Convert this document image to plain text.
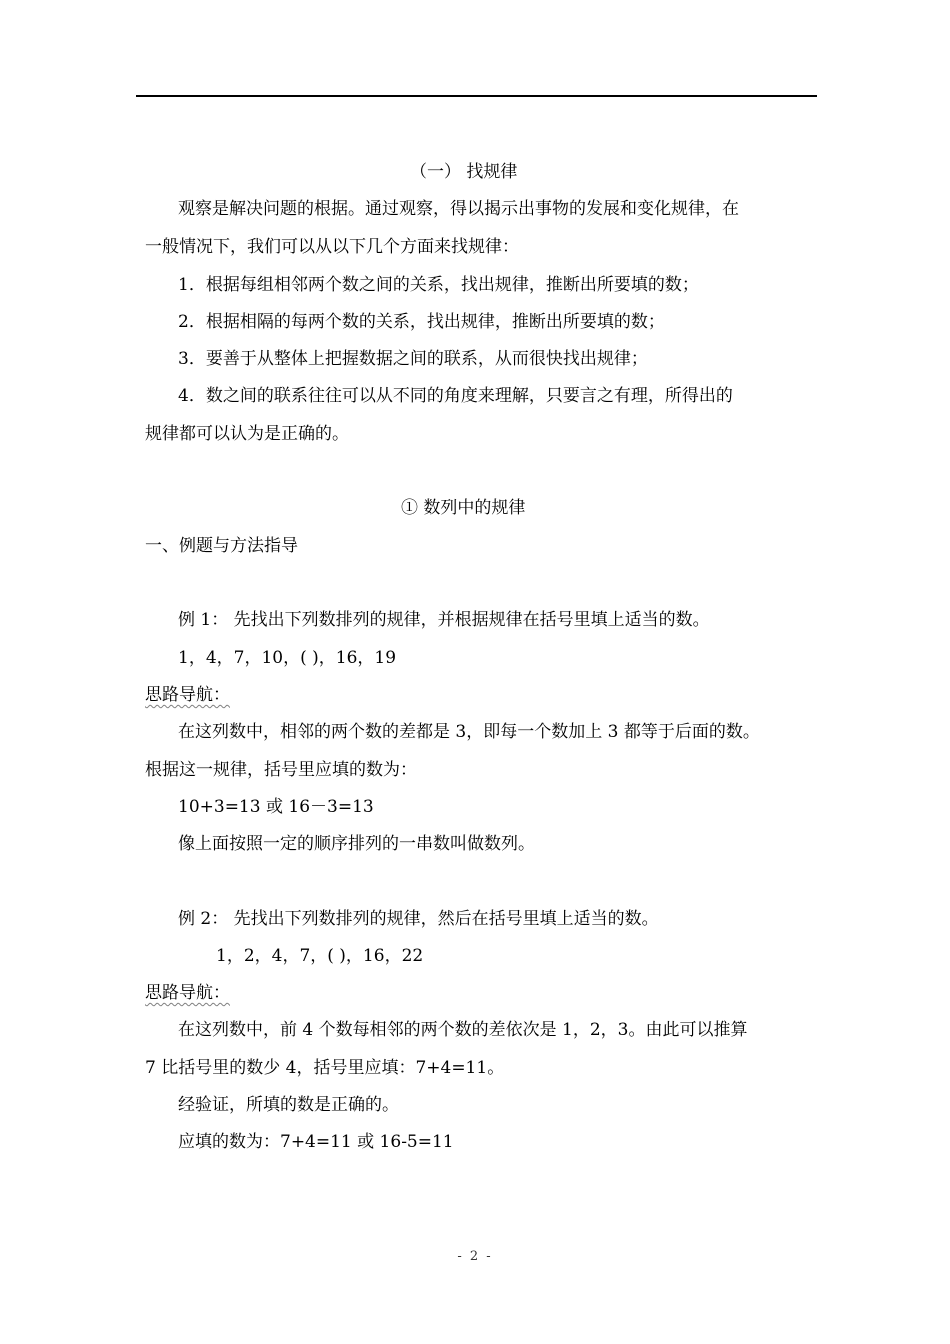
（一） 找规律
观察是解决问题的根据。通过观察，得以揭示出事物的发展和变化规律，在
一般情况下，我们可以从以下几个方面来找规律：
1．根据每组相邻两个数之间的关系，找出规律，推断出所要填的数；
2．根据相隔的每两个数的关系，找出规律，推断出所要填的数；
3．要善于从整体上把握数据之间的联系，从而很快找出规律；
4．数之间的联系往往可以从不同的角度来理解，只要言之有理，所得出的
规律都可以认为是正确的。
① 数列中的规律
一、例题与方法指导
例 1： 先找出下列数排列的规律，并根据规律在括号里填上适当的数。
1，4，7，10，( )，16，19
思路导航：
在这列数中，相邻的两个数的差都是 3，即每一个数加上 3 都等于后面的数。
根据这一规律，括号里应填的数为：
10+3=13 或 16－3=13
像上面按照一定的顺序排列的一串数叫做数列。
例 2： 先找出下列数排列的规律，然后在括号里填上适当的数。
1，2，4，7，( )，16，22
思路导航：
在这列数中，前 4 个数每相邻的两个数的差依次是 1，2，3。由此可以推算
7 比括号里的数少 4，括号里应填：7+4=11。
经验证，所填的数是正确的。
应填的数为：7+4=11 或 16-5=11
- 2 -
